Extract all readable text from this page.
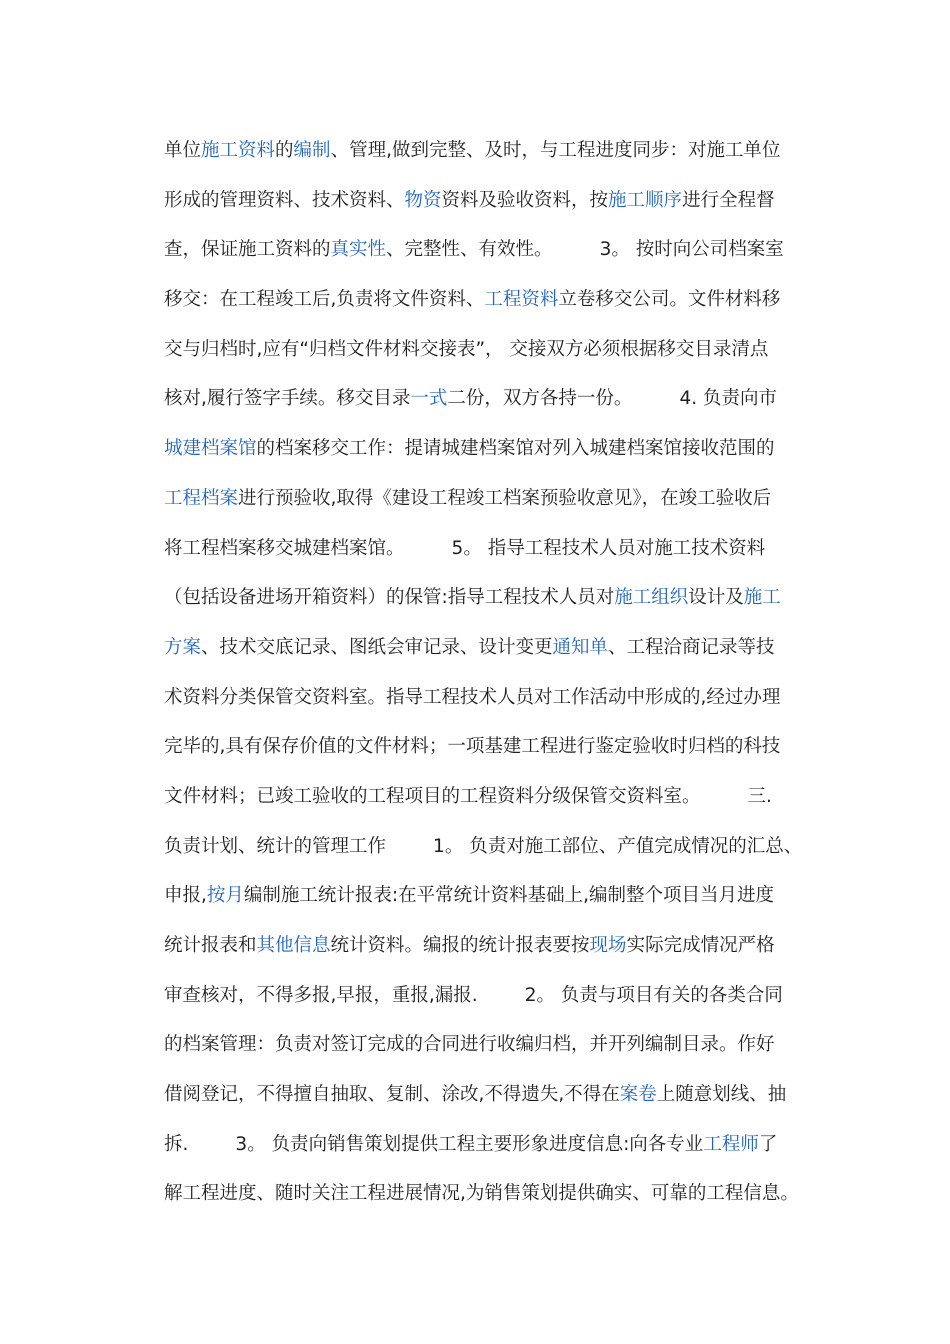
单位施工资料的编制、管理,做到完整、及时，与工程进度同步：对施工单位
形成的管理资料、技术资料、物资资料及验收资料，按施工顺序进行全程督
查，保证施工资料的真实性、完整性、有效性。        3。 按时向公司档案室
移交：在工程竣工后,负责将文件资料、工程资料立卷移交公司。文件材料移
交与归档时,应有“归档文件材料交接表”， 交接双方必须根据移交目录清点
核对,履行签字手续。移交目录一式二份，双方各持一份。        4. 负责向市
城建档案馆的档案移交工作：提请城建档案馆对列入城建档案馆接收范围的
工程档案进行预验收,取得《建设工程竣工档案预验收意见》，在竣工验收后
将工程档案移交城建档案馆。        5。 指导工程技术人员对施工技术资料
（包括设备进场开箱资料）的保管:指导工程技术人员对施工组织设计及施工
方案、技术交底记录、图纸会审记录、设计变更通知单、工程洽商记录等技
术资料分类保管交资料室。指导工程技术人员对工作活动中形成的,经过办理
完毕的,具有保存价值的文件材料；一项基建工程进行鉴定验收时归档的科技
文件材料；已竣工验收的工程项目的工程资料分级保管交资料室。        三.
负责计划、统计的管理工作        1。 负责对施工部位、产值完成情况的汇总、
申报,按月编制施工统计报表:在平常统计资料基础上,编制整个项目当月进度
统计报表和其他信息统计资料。编报的统计报表要按现场实际完成情况严格
审查核对，不得多报,早报，重报,漏报.        2。 负责与项目有关的各类合同
的档案管理：负责对签订完成的合同进行收编归档，并开列编制目录。作好
借阅登记，不得擅自抽取、复制、涂改,不得遗失,不得在案卷上随意划线、抽
拆.        3。 负责向销售策划提供工程主要形象进度信息:向各专业工程师了
解工程进度、随时关注工程进展情况,为销售策划提供确实、可靠的工程信息。
